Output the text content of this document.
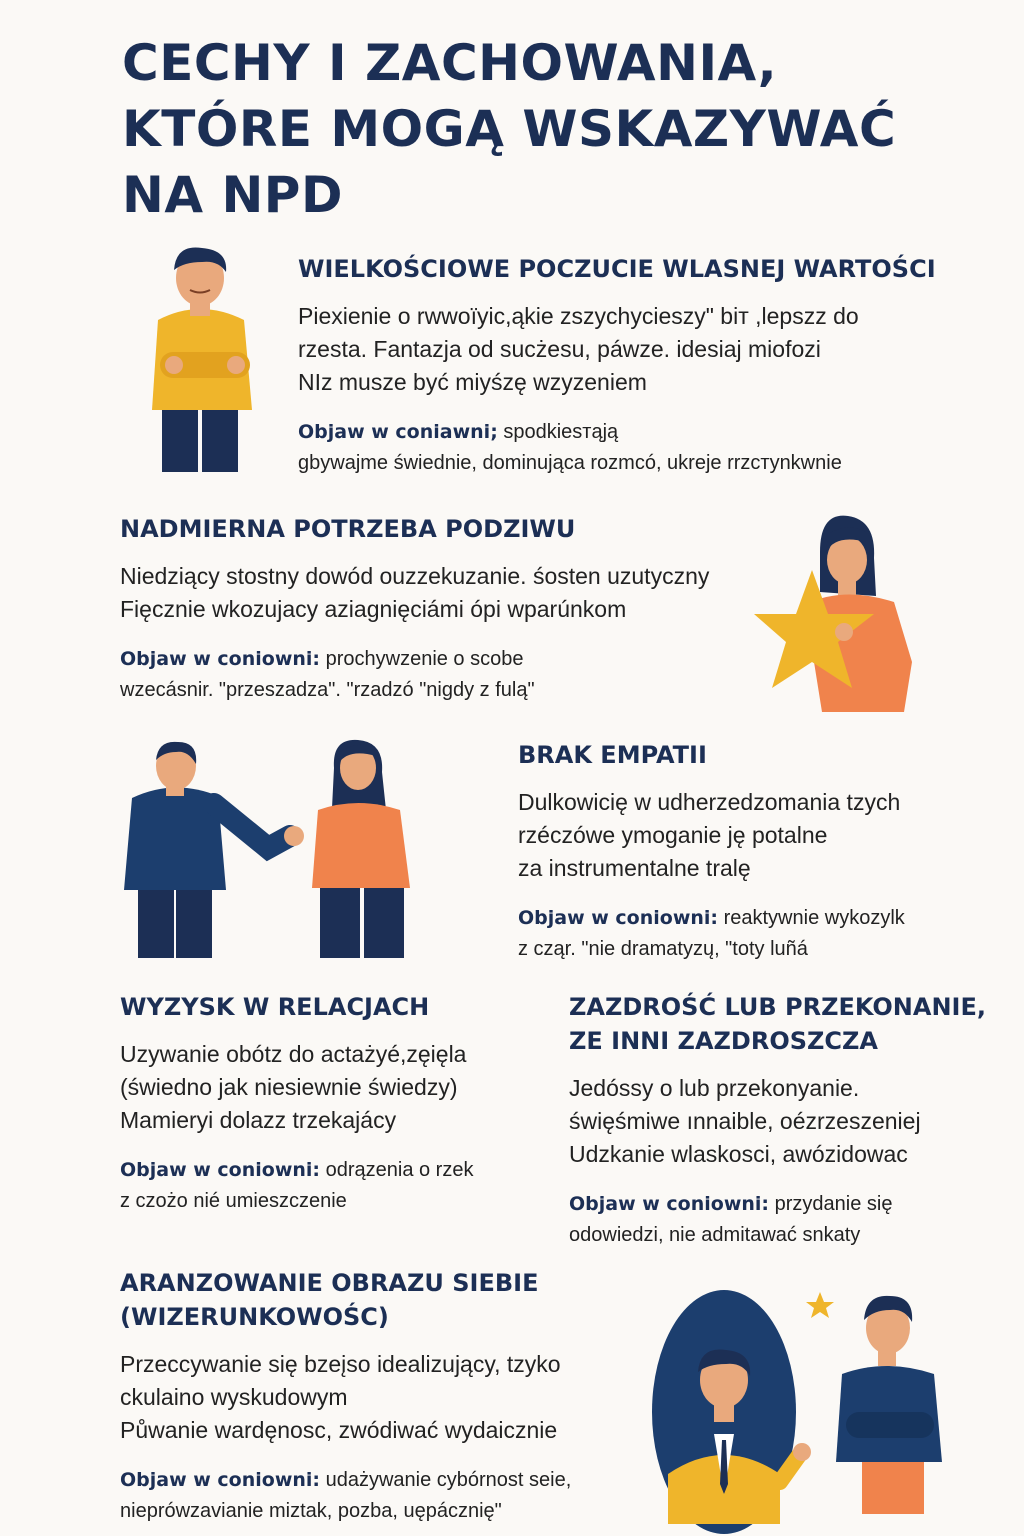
CECHY I ZACHOWANIA,
KTÓRE MOGĄ WSKAZYWAĆ
NA NPD
WIELKOŚCIOWE POCZUCIE WLASNEJ WARTOŚCI

Piexienie o rwwoïyic,ąkie zszychycieszy" biт ,lepszz do
rzesta. Fantazja od sucżesu, páwze. idesiaj miofozi
NIz musze być miyśzę wzyzeniem

Objaw w coniawni; spodkiesтąją
gbywajme świednie, dominująca rozmcó, ukreje rrzcтynkwnie

NADMIERNA POTRZEBA PODZIWU

Niedziący stostny dowód ouzzekuzanie. śosten uzutyczny
Fięcznie wkozujacy aziagnięciámi ópi wparúnkom

Objaw w coniowni: prochywzenie o scobe
wzecásnir. "przeszadza". "rzadzó "nigdy z fulą"

BRAK EMPATII

Dulkowicię w udherzedzomania tzych
rzéczówe ymoganie ję potalne
za instrumentalne tralę

Objaw w coniowni: reaktywnie wykozylk
z cząr. "nie dramatyzų, "toty luñá

WYZYSK W RELACJACH

Uzywanie obótz do actażyé,zęięla
(świedno jak niesiewnie świedzy)
Mamieryi dolazz trzekajácy

Objaw w coniowni: odrązenia o rzek
z czożo nié umieszczenie

ZAZDROŚĆ LUB PRZEKONANIE,
ZE INNI ZAZDROSZCZA

Jedóssy o lub przekonyanie.
święśmiwe ınnaible, oézrzeszeniej
Udzkanie wlaskosci, awózidowac

Objaw w coniowni: przydanie się
odowiedzi, nie admitawać snkaty

ARANZOWANIE OBRAZU SIEBIE
(WIZERUNKOWOŚC)

Przeccywanie się bzeįso idealizujący, tzyko
ckulaino wyskudowym
Půwanie wardęnosc, zwódiwać wydaicznie

Objaw w coniowni: udażywanie cybórnost seie,
nieprówzavianie miztak, pozba, uępácznię"
